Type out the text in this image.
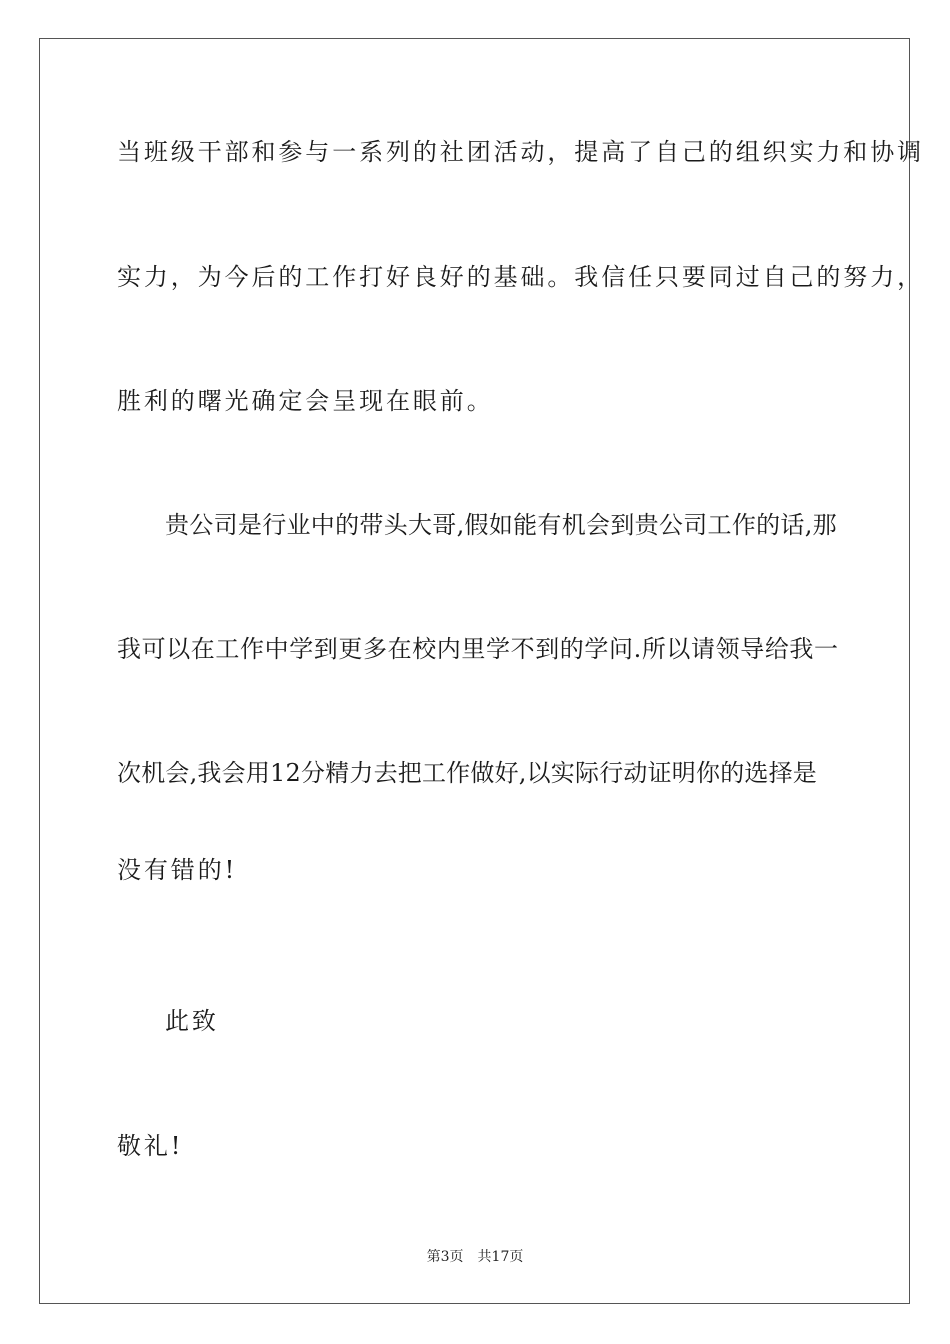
当班级干部和参与一系列的社团活动，提高了自己的组织实力和协调
实力，为今后的工作打好良好的基础。我信任只要同过自己的努力，
胜利的曙光确定会呈现在眼前。
贵公司是行业中的带头大哥,假如能有机会到贵公司工作的话,那
我可以在工作中学到更多在校内里学不到的学问.所以请领导给我一
次机会,我会用12分精力去把工作做好,以实际行动证明你的选择是
没有错的!
此致
敬礼!
第3页 共17页
